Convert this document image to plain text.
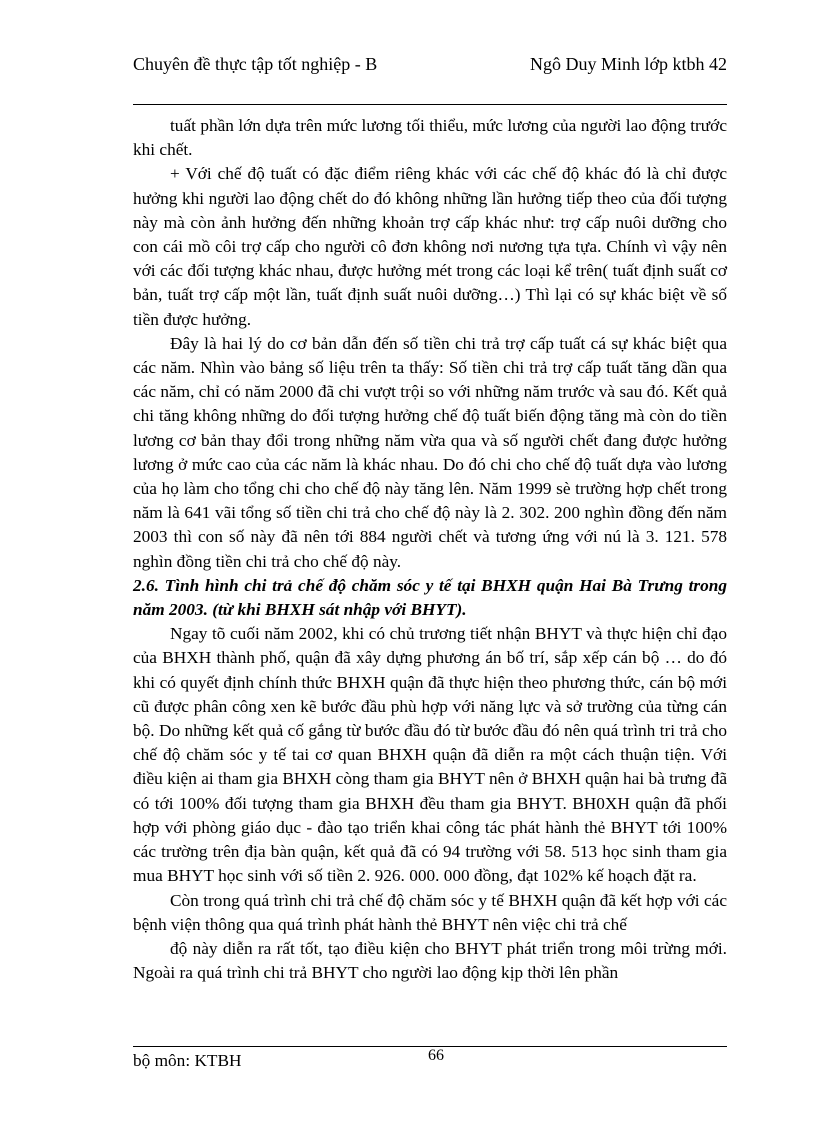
Chuyên đề thực tập tốt nghiệp - B	Ngô Duy Minh lớp ktbh 42

tuất phần lớn dựa trên mức lương tối thiểu, mức lương của người lao động trước khi chết.

+ Với chế độ tuất có đặc điểm riêng khác với các chế độ khác đó là chỉ được hưởng khi người lao động chết do đó không những lần hưởng tiếp theo của đối tượng này mà còn ảnh hưởng đến những khoản trợ cấp khác như: trợ cấp nuôi dưỡng cho con cái mồ côi trợ cấp cho người cô đơn không nơi nương tựa tựa. Chính vì vậy nên với các đối tượng khác nhau, được hưởng mét trong các loại kể trên( tuất định suất cơ bản, tuất trợ cấp một lần, tuất định suất nuôi dưỡng…) Thì lại có sự khác biệt về số tiền được hưởng.

Đây là hai lý do cơ bản dẫn đến số tiền chi trả trợ cấp tuất cá sự khác biệt qua các năm. Nhìn vào bảng số liệu trên ta thấy: Số tiền chi trả trợ cấp tuất tăng dần qua các năm, chỉ có năm 2000 đã chi vượt trội so với những năm trước và sau đó. Kết quả chi tăng không những do đối tượng hưởng chế độ tuất biến động tăng mà còn do tiền lương cơ bản thay đổi trong những năm vừa qua và số người chết đang được hưởng lương ở mức cao của các năm là khác nhau. Do đó chi cho chế độ tuất dựa vào lương của họ làm cho tổng chi cho chế độ này tăng lên. Năm 1999 sè trường hợp chết trong năm là 641 vãi tổng số tiền chi trả cho chế độ này là 2. 302. 200 nghìn đồng đến năm 2003 thì con số này đã nên tới 884 người chết và tương ứng với nú là 3. 121. 578 nghìn đồng tiền chi trả cho chế độ này.

2.6. Tình hình chi trả chế độ chăm sóc y tế tại BHXH quận Hai Bà Trưng trong năm 2003. (từ khi BHXH sát nhập với BHYT).

Ngay tõ cuối năm 2002, khi có chủ trương tiết nhận BHYT và thực hiện chỉ đạo của BHXH thành phố, quận đã xây dựng phương án bố trí, sắp xếp cán bộ … do đó khi có quyết định chính thức BHXH quận đã thực hiện theo phương thức, cán bộ mới cũ được phân công xen kẽ bước đầu phù hợp với năng lực và sở trường của từng cán bộ. Do những kết quả cố gắng từ bước đầu đó từ bước đầu đó nên quá trình tri trả cho chế độ chăm sóc y tế tai cơ quan BHXH quận đã diễn ra một cách thuận tiện. Với điều kiện ai tham gia BHXH còng tham gia BHYT nên ở BHXH quận hai bà trưng đã có tới 100% đối tượng tham gia BHXH đều tham gia BHYT. BH0XH quận đã phối hợp với phòng giáo dục - đào tạo triển khai công tác phát hành thẻ BHYT tới 100% các trường trên địa bàn quận, kết quả đã có 94 trường với 58. 513 học sinh tham gia mua BHYT học sinh với số tiền 2. 926. 000. 000 đồng, đạt 102% kế hoạch đặt ra.

Còn trong quá trình chi trả chế độ chăm sóc y tế BHXH quận đã kết hợp với các bệnh viện thông qua quá trình phát hành thẻ BHYT nên việc chi trả chế

độ này diễn ra rất tốt, tạo điều kiện cho BHYT phát triển trong môi trừng mới. Ngoài ra quá trình chi trả BHYT cho người lao động kịp thời lên phần

bộ môn: KTBH	66
